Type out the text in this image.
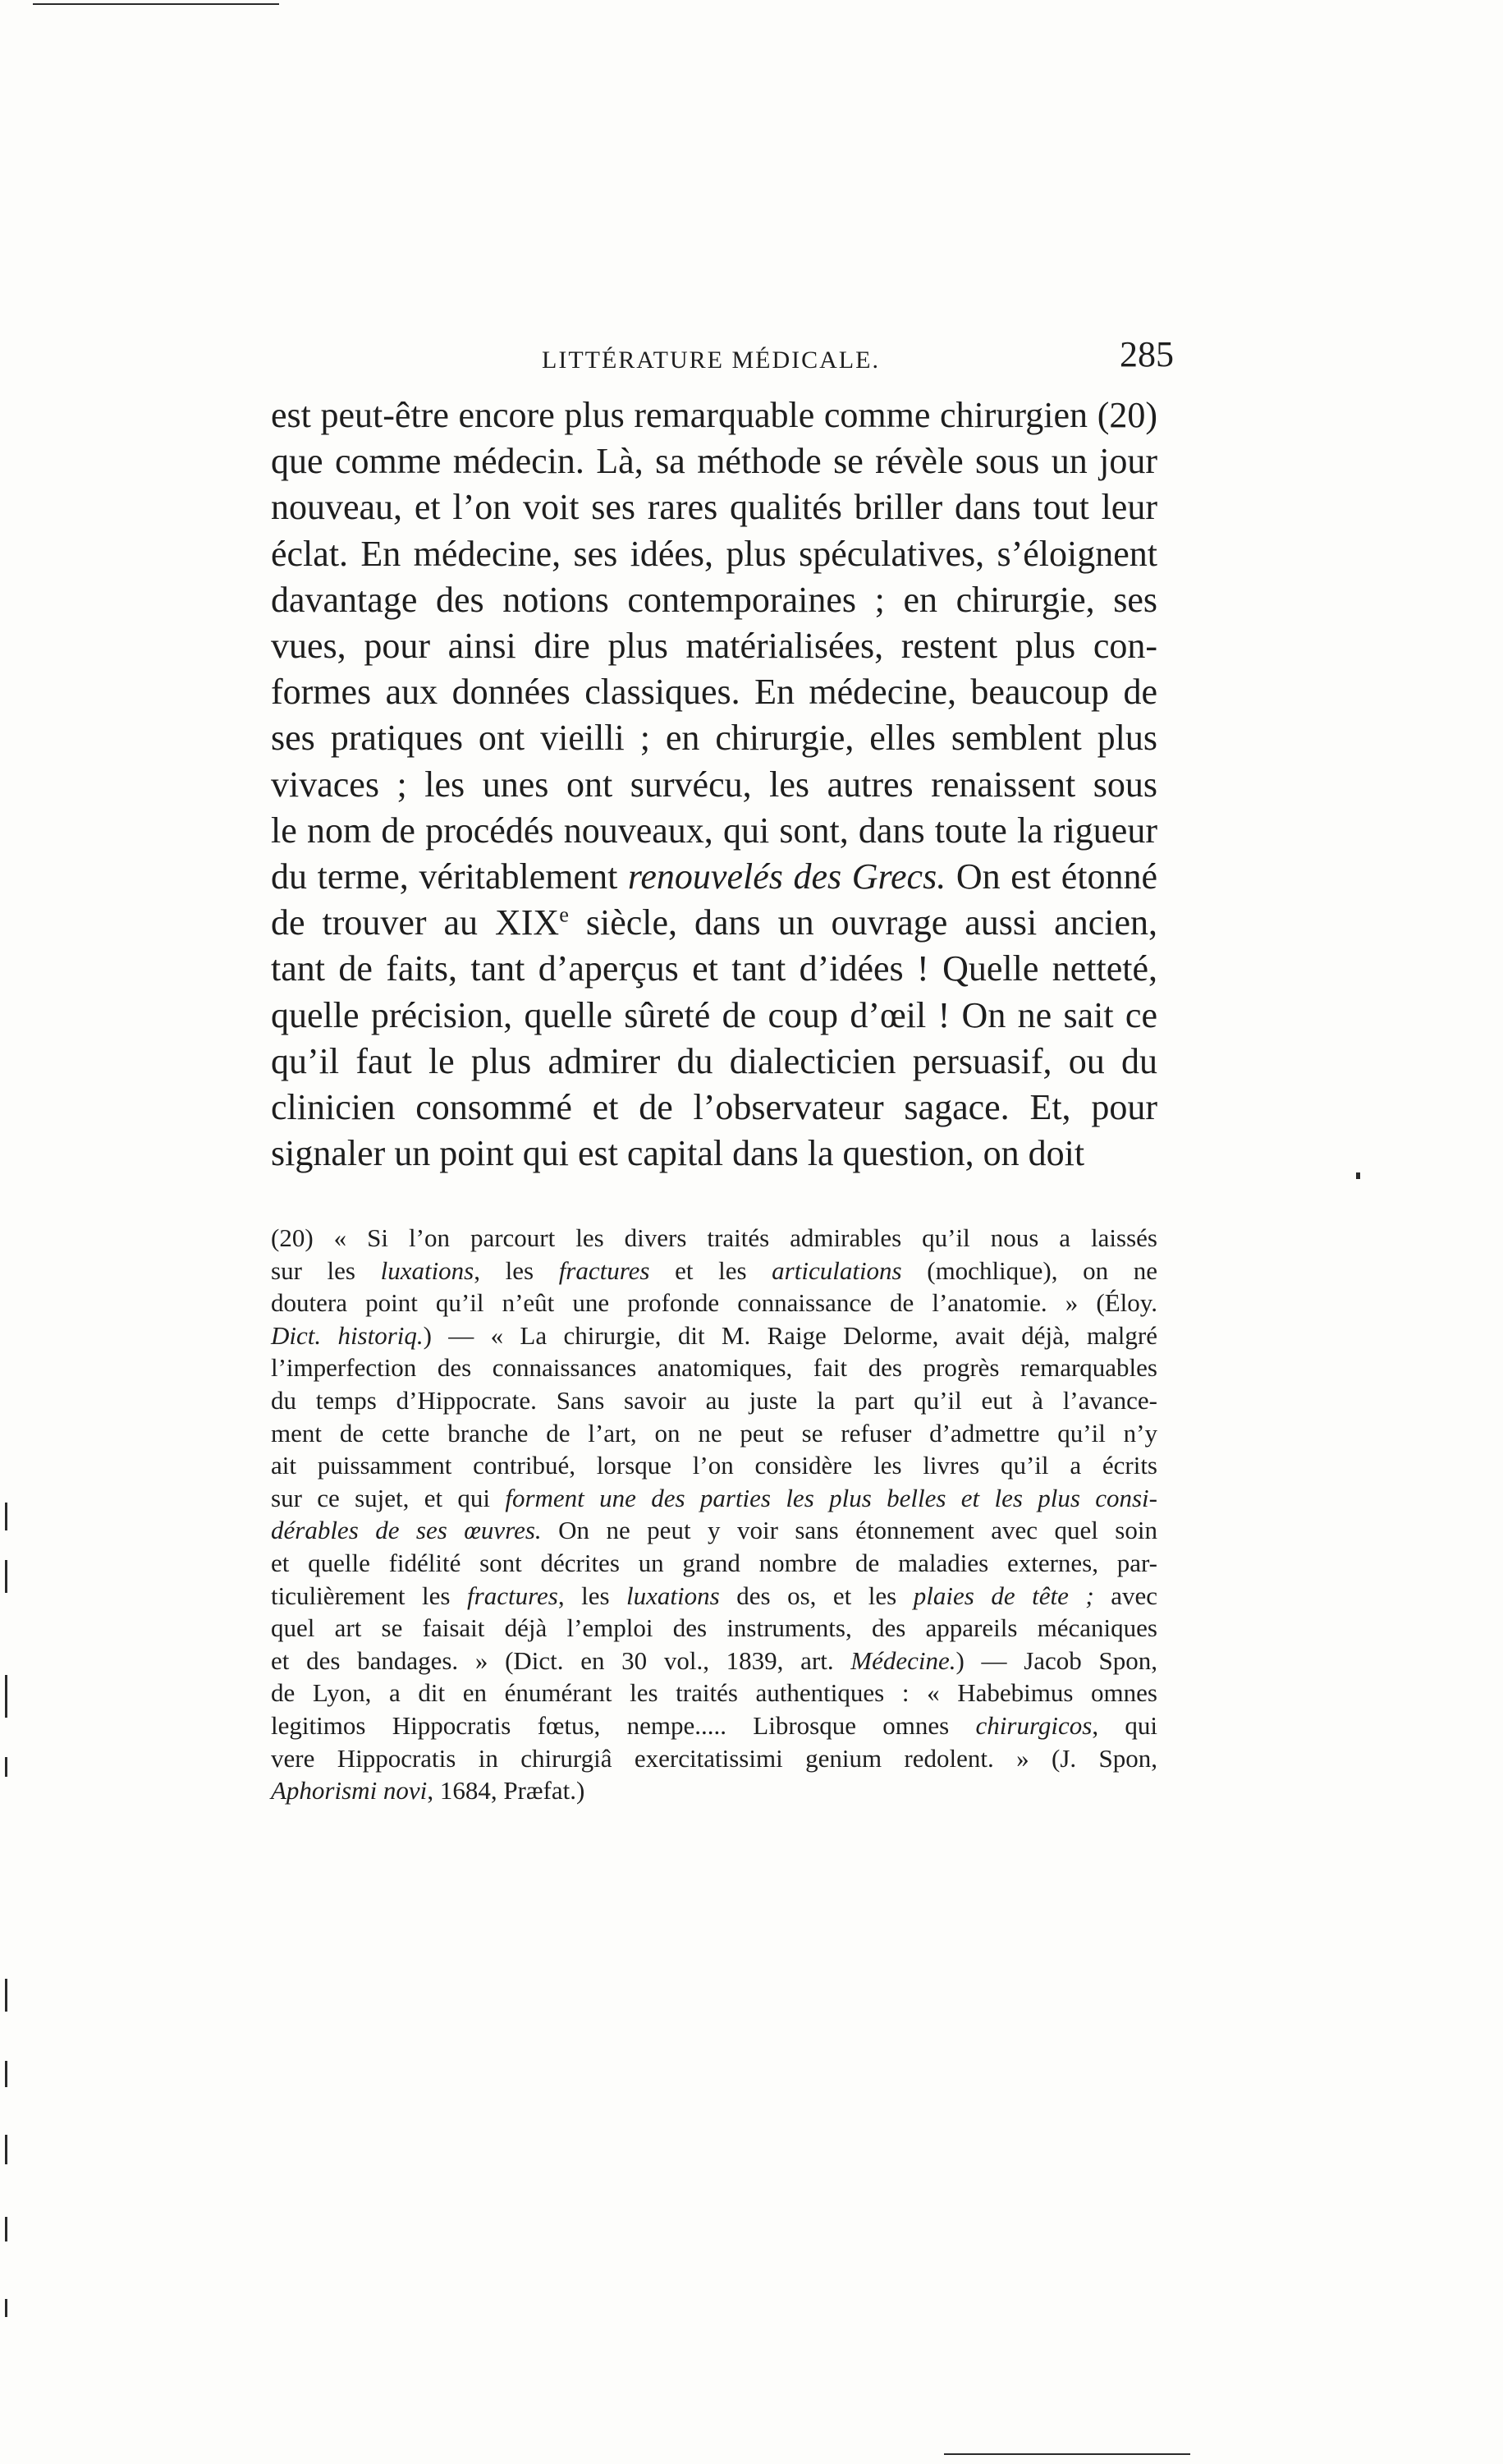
LITTÉRATURE MÉDICALE.	285
est peut-être encore plus remarquable comme chirurgien (20)
que comme médecin. Là, sa méthode se révèle sous un jour
nouveau, et l’on voit ses rares qualités briller dans tout leur
éclat. En médecine, ses idées, plus spéculatives, s’éloignent
davantage des notions contemporaines ; en chirurgie, ses
vues, pour ainsi dire plus matérialisées, restent plus con-
formes aux données classiques. En médecine, beaucoup de
ses pratiques ont vieilli ; en chirurgie, elles semblent plus
vivaces ; les unes ont survécu, les autres renaissent sous
le nom de procédés nouveaux, qui sont, dans toute la rigueur
du terme, véritablement renouvelés des Grecs. On est étonné
de trouver au XIXe siècle, dans un ouvrage aussi ancien,
tant de faits, tant d’aperçus et tant d’idées ! Quelle netteté,
quelle précision, quelle sûreté de coup d’œil ! On ne sait ce
qu’il faut le plus admirer du dialecticien persuasif, ou du
clinicien consommé et de l’observateur sagace. Et, pour
signaler un point qui est capital dans la question, on doit
(20) « Si l’on parcourt les divers traités admirables qu’il nous a laissés
sur les luxations, les fractures et les articulations (mochlique), on ne
doutera point qu’il n’eût une profonde connaissance de l’anatomie. » (Éloy.
Dict. historiq.) — « La chirurgie, dit M. Raige Delorme, avait déjà, malgré
l’imperfection des connaissances anatomiques, fait des progrès remarquables
du temps d’Hippocrate. Sans savoir au juste la part qu’il eut à l’avance-
ment de cette branche de l’art, on ne peut se refuser d’admettre qu’il n’y
ait puissamment contribué, lorsque l’on considère les livres qu’il a écrits
sur ce sujet, et qui forment une des parties les plus belles et les plus consi-
dérables de ses œuvres. On ne peut y voir sans étonnement avec quel soin
et quelle fidélité sont décrites un grand nombre de maladies externes, par-
ticulièrement les fractures, les luxations des os, et les plaies de tête ; avec
quel art se faisait déjà l’emploi des instruments, des appareils mécaniques
et des bandages. » (Dict. en 30 vol., 1839, art. Médecine.) — Jacob Spon,
de Lyon, a dit en énumérant les traités authentiques : « Habebimus omnes
legitimos Hippocratis fœtus, nempe..... Librosque omnes chirurgicos, qui
vere Hippocratis in chirurgiâ exercitatissimi genium redolent. » (J. Spon,
Aphorismi novi, 1684, Præfat.)
